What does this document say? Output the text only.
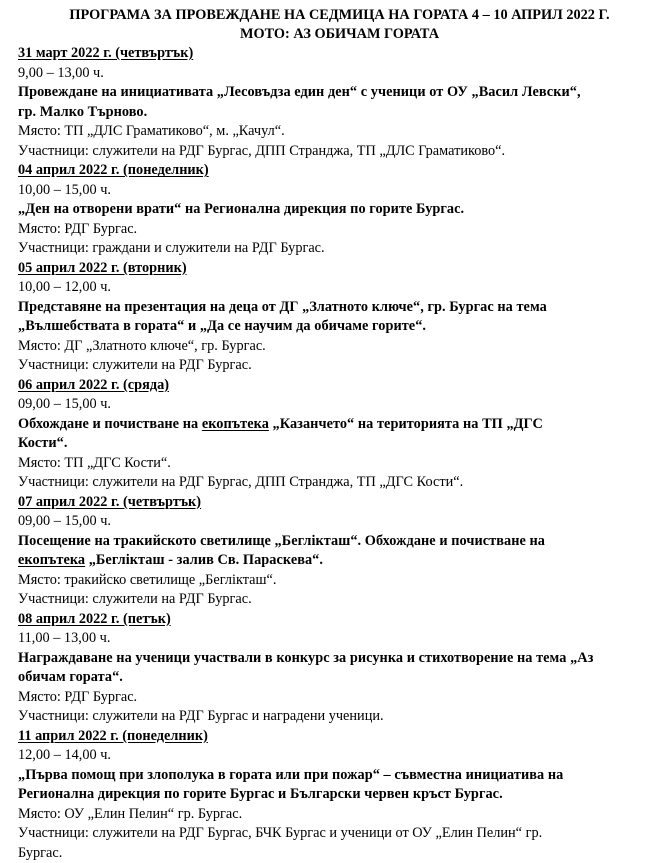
ПРОГРАМА ЗА ПРОВЕЖДАНЕ НА СЕДМИЦА НА ГОРАТА 4 – 10 АПРИЛ 2022 Г.
МОТО: АЗ ОБИЧАМ ГОРАТА
31 март 2022 г. (четвъртък)
9,00 – 13,00 ч.
Провеждане на инициативата „Лесовъдза един ден“ с ученици от ОУ „Васил Левски“,
гр. Малко Търново.
Място: ТП „ДЛС Граматиково“, м. „Качул“.
Участници: служители на РДГ Бургас, ДПП Странджа, ТП „ДЛС Граматиково“.
04 април 2022 г. (понеделник)
10,00 – 15,00 ч.
„Ден на отворени врати“ на Регионална дирекция по горите Бургас.
Място: РДГ Бургас.
Участници: граждани и служители на РДГ Бургас.
05 април 2022 г. (вторник)
10,00 – 12,00 ч.
Представяне на презентация на деца от ДГ „Златното ключе“, гр. Бургас на тема
„Вълшебствата в гората“ и „Да се научим да обичаме горите“.
Място: ДГ „Златното ключе“, гр. Бургас.
Участници: служители на РДГ Бургас.
06 април 2022 г. (сряда)
09,00 – 15,00 ч.
Обхождане и почистване на екопътека „Казанчето“ на територията на ТП „ДГС
Кости“.
Място: ТП „ДГС Кости“.
Участници: служители на РДГ Бургас, ДПП Странджа, ТП „ДГС Кости“.
07 април 2022 г. (четвъртък)
09,00 – 15,00 ч.
Посещение на тракийското светилище „Беглікташ“. Обхождане и почистване на
екопътека „Беглікташ - залив Св. Параскева“.
Място: тракийско светилище „Беглікташ“.
Участници: служители на РДГ Бургас.
08 април 2022 г. (петък)
11,00 – 13,00 ч.
Награждаване на ученици участвали в конкурс за рисунка и стихотворение на тема „Аз
обичам гората“.
Място: РДГ Бургас.
Участници: служители на РДГ Бургас и наградени ученици.
11 април 2022 г. (понеделник)
12,00 – 14,00 ч.
„Първа помощ при злополука в гората или при пожар“ – съвместна инициатива на
Регионална дирекция по горите Бургас и Български червен кръст Бургас.
Място: ОУ „Елин Пелин“ гр. Бургас.
Участници: служители на РДГ Бургас, БЧК Бургас и ученици от ОУ „Елин Пелин“ гр.
Бургас.
